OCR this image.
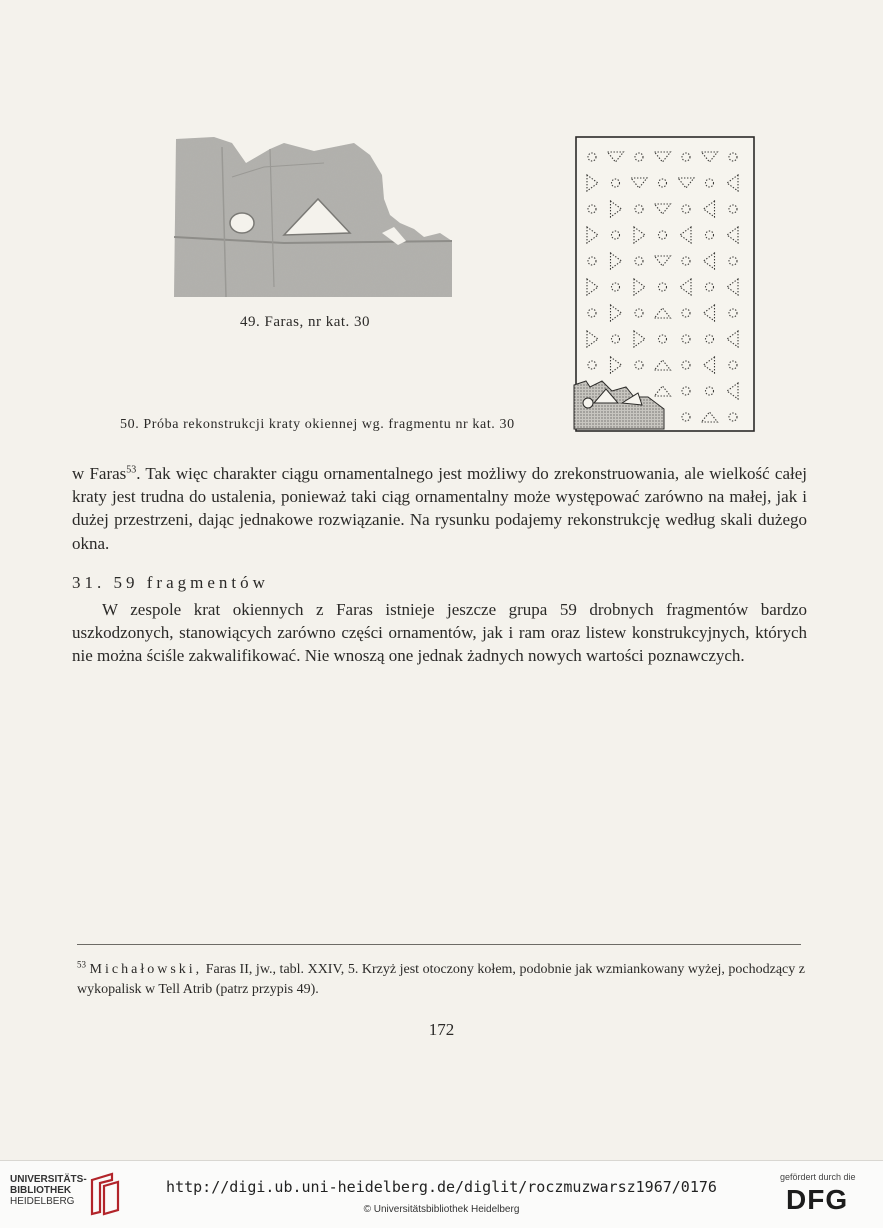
49. Faras, nr kat. 30
50. Próba rekonstrukcji kraty okiennej wg. fragmentu nr kat. 30
w Faras$^{53}$. Tak więc charakter ciągu ornamentalnego jest możliwy do zrekonstruowania, ale wielkość całej kraty jest trudna do ustalenia, ponieważ taki ciąg ornamentalny może występować zarówno na małej, jak i dużej przestrzeni, dając jednakowe rozwiązanie. Na rysunku podajemy rekonstrukcję według skali dużego okna.
31. 59 fragmentów
W zespole krat okiennych z Faras istnieje jeszcze grupa 59 drobnych fragmentów bardzo uszkodzonych, stanowiących zarówno części ornamentów, jak i ram oraz listew konstrukcyjnych, których nie można ściśle zakwalifikować. Nie wnoszą one jednak żadnych nowych wartości poznawczych.
$^{53}$ Michałowski, Faras II, jw., tabl. XXIV, 5. Krzyż jest otoczony kołem, podobnie jak wzmiankowany wyżej, pochodzący z wykopalisk w Tell Atrib (patrz przypis 49).
172
UNIVERSITÄTS-
BIBLIOTHEK
HEIDELBERG
http://digi.ub.uni-heidelberg.de/diglit/roczmuzwarsz1967/0176
© Universitätsbibliothek Heidelberg
gefördert durch die
DFG
